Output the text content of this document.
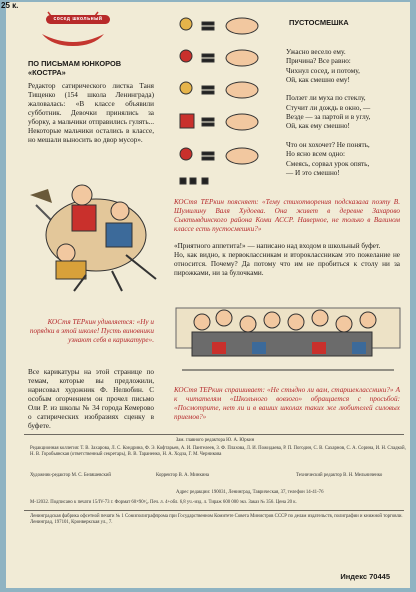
сосед школьный
ПО ПИСЬМАМ ЮНКОРОВ «КОСТРА»
Редактор сатирического листка Таня Тищенко (154 школа Ленинграда) жаловалась: «В классе объявили субботник. Девочки принялись за уборку, а мальчики отправились гулять... Некоторые мальчики остались в классе, но мешали выносить во двор мусор».
КОСтя ТЕРкин удивляется: «Ну и порядки в этой школе! Пусть виновники узнают себя в карикатуре».
Все карикатуры на этой странице по темам, которые вы предложили, нарисовал художник Ф. Нелюбин. С особым огорчением он прочел письмо Оли Р. из школы № 34 города Кемерово о сатирических изобразиях сценку в буфете.
ПУСТОСМЕШКА
Ужасно весело ему.
Причина? Все равно:
Чихнул сосед, и потому,
Ой, как смешно ему!

Ползет ли муха по стеклу,
Стучит ли дождь в окно, —
Везде — за партой и в углу,
Ой, как ему смешно!

Что он хохочет? Не понять,
Но ясно всем одно:
Смеясь, сорвал урок опять,
— И это смешно!
КОСтя ТЕРкин поясняет: «Тему стихотворения подсказала поэту В. Шумилину Валя Худоева. Она живет в деревне Захарово Сыктывдинского района Коми АССР. Наверное, не только в Валином классе есть пустосмешки?»
«Приятного аппетита!» — написано над входом в школьный буфет.
Но, как видно, к первоклассникам и второклассникам это пожелание не относится. Почему? Да потому что им не пробиться к столу ни за пирожками, ни за булочками.
КОСтя ТЕРкин спрашивает: «Не стыдно ли вам, старшеклассники?» А к читателям «Школьного вовзого» обращается с просьбой: «Посмотрите, нет ли и в ваших школах таких же любителей силовых приемов?»
Зам. главного редактора Ю. А. Юркин
Редакционная коллегия: Т. В. Захарова, Л. С. Кондрина, Ф. Э. Кофтарьев, А. И. Пантелеев, З. Ф. Плахова, Л. И. Пожидаева, Р. П. Погодин, С. В. Сахарнов, С. А. Сорина, И. Н. Сладкой, Н. В. Горобьянская (ответственный секретарь), В. В. Тараненко, Н. А. Ходза, Г. М. Черникова
Художник-редактор М. С. Беляшевский	Корректор В. А. Минкина	Технический редактор В. Н. Мельниченко
Адрес редакции: 190031, Ленинград, Таврическая, 37, телефон 14-41-76
М-12032. Подписано к печати 15/IV-73 г. Формат 60×90¹⁄₈. Печ. л. 4+обл. 6,8 уч.-изд. л. Тираж 600 000 экз. Заказ № 356. Цена 20 к.
Ленинградская фабрика офсетной печати № 1 Союзполиграфпрома при Государственном Комитете Совета Министров СССР по делам издательств, полиграфии и книжной торговли. Ленинград, 197101, Кронверкская ул., 7.
Индекс 70445
25 к.
